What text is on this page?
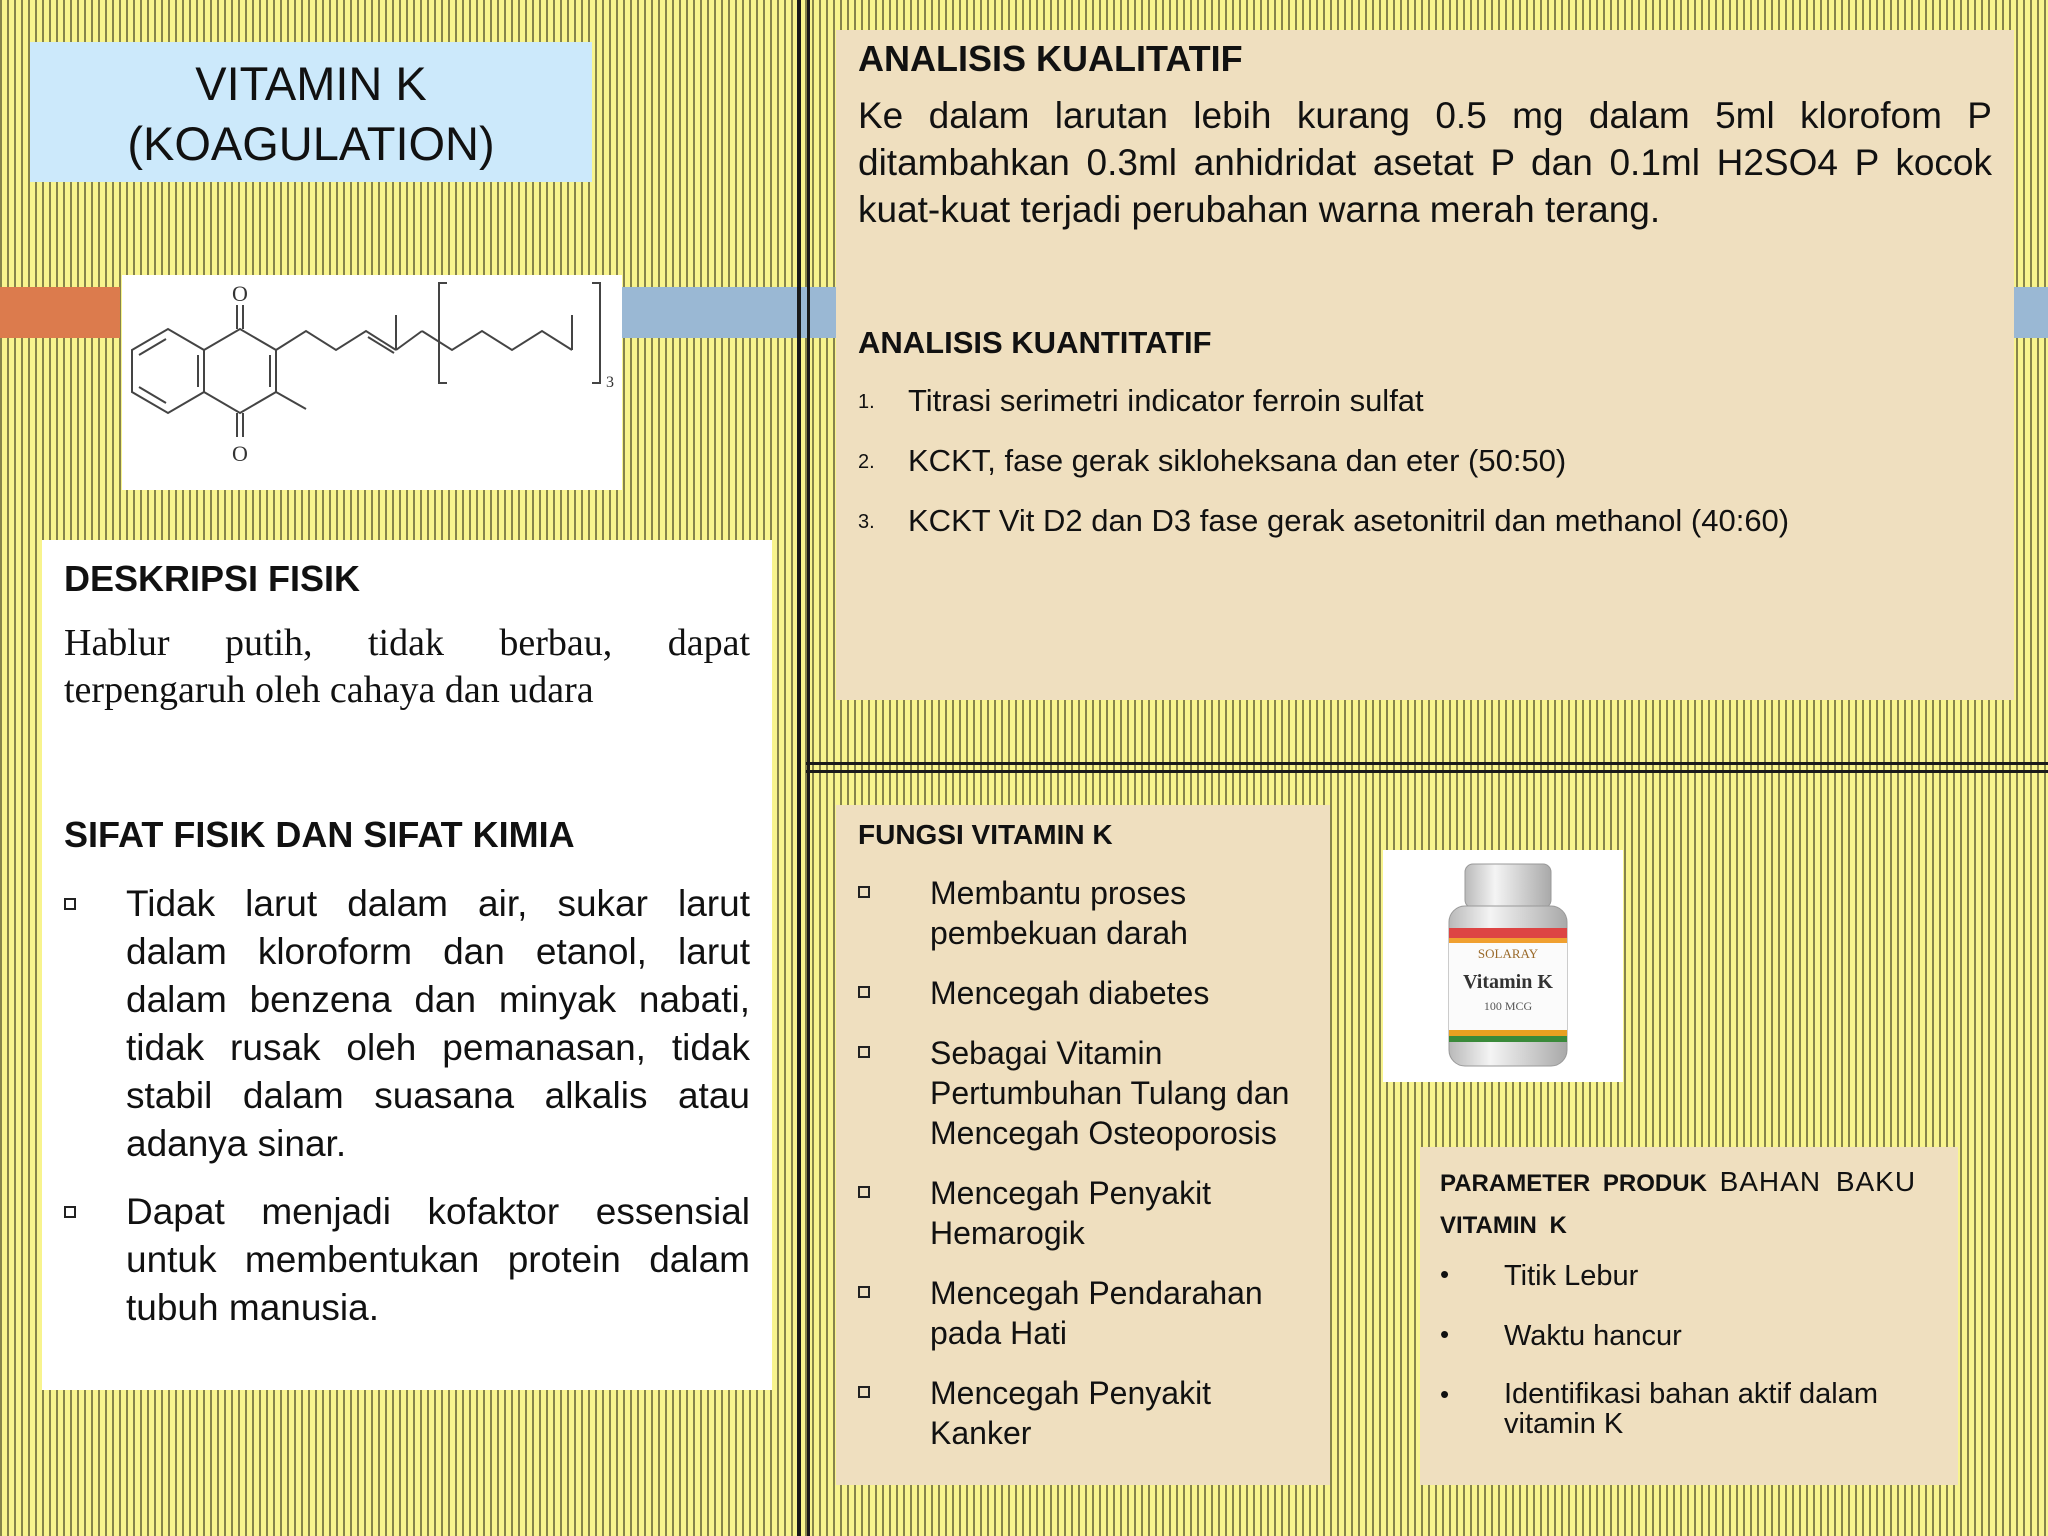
VITAMIN K
(KOAGULATION)
O
O
3
DESKRIPSI FISIK
Hablur putih, tidak berbau, dapat terpengaruh oleh cahaya dan udara
SIFAT FISIK DAN SIFAT KIMIA
Tidak larut dalam air, sukar larut dalam kloroform dan etanol, larut dalam benzena dan minyak nabati, tidak rusak oleh pemanasan, tidak stabil dalam suasana alkalis atau adanya sinar.
Dapat menjadi kofaktor essensial untuk membentukan protein dalam tubuh manusia.
ANALISIS KUALITATIF
Ke dalam larutan lebih kurang 0.5 mg dalam 5ml klorofom P ditambahkan 0.3ml anhidridat asetat P dan 0.1ml H2SO4 P kocok kuat-kuat terjadi perubahan warna merah terang.
ANALISIS KUANTITATIF
1.	Titrasi serimetri indicator ferroin sulfat
2.	KCKT, fase gerak sikloheksana dan eter (50:50)
3.	KCKT Vit D2 dan D3 fase gerak asetonitril dan methanol (40:60)
FUNGSI VITAMIN K
Membantu proses pembekuan darah
Mencegah diabetes
Sebagai Vitamin Pertumbuhan Tulang dan Mencegah Osteoporosis
Mencegah Penyakit Hemarogik
Mencegah Pendarahan pada Hati
Mencegah Penyakit Kanker
SOLARAY
Vitamin K
100 MCG
PARAMETER PRODUK BAHAN BAKU
VITAMIN K
•	Titik Lebur
•	Waktu hancur
•	Identifikasi bahan aktif dalam vitamin K
